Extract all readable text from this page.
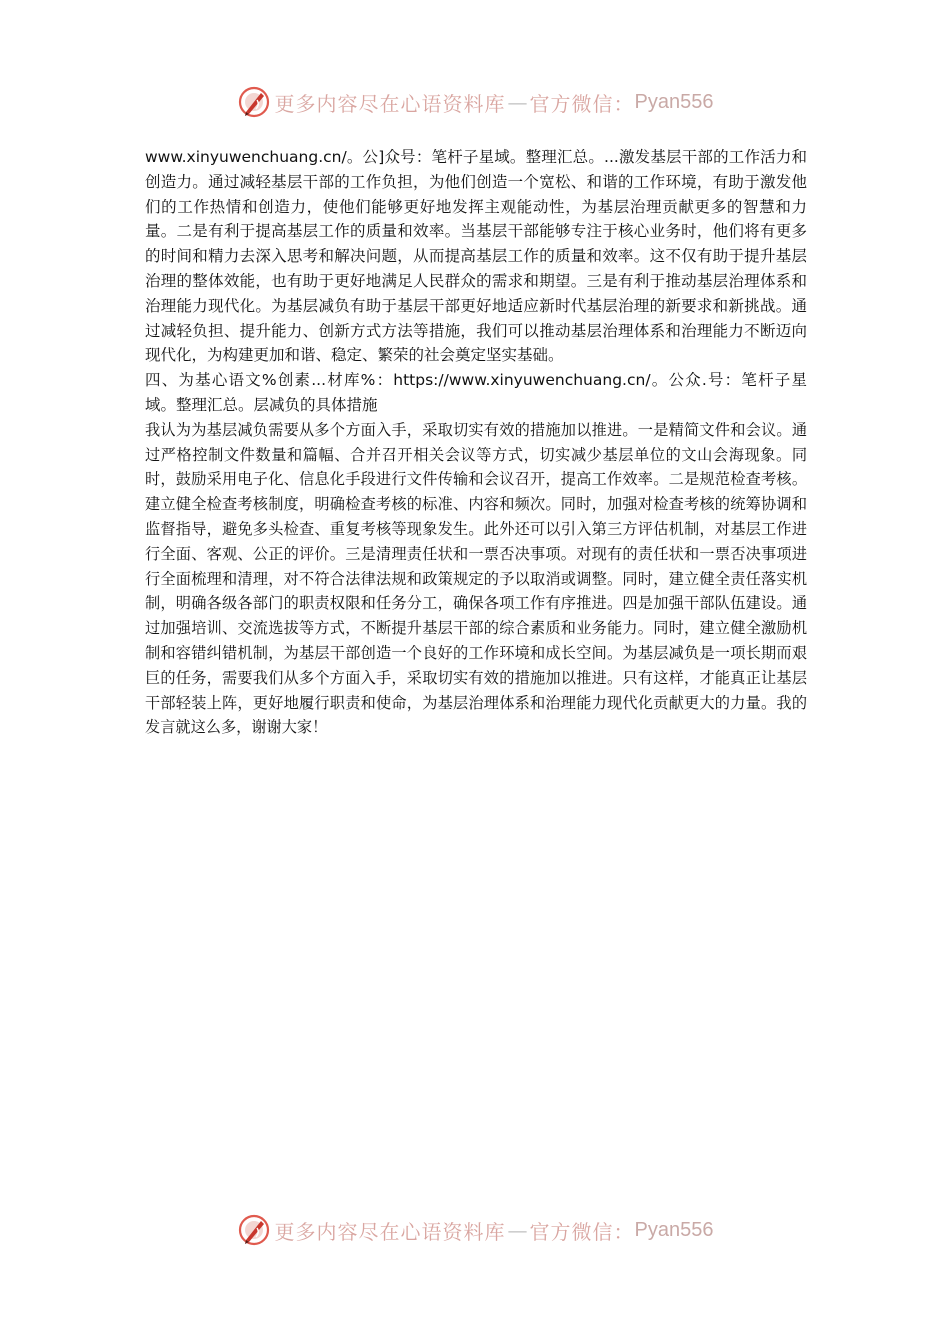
更多内容尽在心语资料库 — 官方微信： Pyan556

www.xinyuwenchuang.cn/。公]众号：笔杆子星域。整理汇总。...激发基层干部的工作活力和创造力。通过减轻基层干部的工作负担，为他们创造一个宽松、和谐的工作环境，有助于激发他们的工作热情和创造力，使他们能够更好地发挥主观能动性，为基层治理贡献更多的智慧和力量。二是有利于提高基层工作的质量和效率。当基层干部能够专注于核心业务时，他们将有更多的时间和精力去深入思考和解决问题，从而提高基层工作的质量和效率。这不仅有助于提升基层治理的整体效能，也有助于更好地满足人民群众的需求和期望。三是有利于推动基层治理体系和治理能力现代化。为基层减负有助于基层干部更好地适应新时代基层治理的新要求和新挑战。通过减轻负担、提升能力、创新方式方法等措施，我们可以推动基层治理体系和治理能力不断迈向现代化，为构建更加和谐、稳定、繁荣的社会奠定坚实基础。

四、为基心语文%创素...材库%：https://www.xinyuwenchuang.cn/。公众.号：笔杆子星域。整理汇总。层减负的具体措施

我认为为基层减负需要从多个方面入手，采取切实有效的措施加以推进。一是精简文件和会议。通过严格控制文件数量和篇幅、合并召开相关会议等方式，切实减少基层单位的文山会海现象。同时，鼓励采用电子化、信息化手段进行文件传输和会议召开，提高工作效率。二是规范检查考核。建立健全检查考核制度，明确检查考核的标准、内容和频次。同时，加强对检查考核的统筹协调和监督指导，避免多头检查、重复考核等现象发生。此外还可以引入第三方评估机制，对基层工作进行全面、客观、公正的评价。三是清理责任状和一票否决事项。对现有的责任状和一票否决事项进行全面梳理和清理，对不符合法律法规和政策规定的予以取消或调整。同时，建立健全责任落实机制，明确各级各部门的职责权限和任务分工，确保各项工作有序推进。四是加强干部队伍建设。通过加强培训、交流选拔等方式，不断提升基层干部的综合素质和业务能力。同时，建立健全激励机制和容错纠错机制，为基层干部创造一个良好的工作环境和成长空间。为基层减负是一项长期而艰巨的任务，需要我们从多个方面入手，采取切实有效的措施加以推进。只有这样，才能真正让基层干部轻装上阵，更好地履行职责和使命，为基层治理体系和治理能力现代化贡献更大的力量。我的发言就这么多，谢谢大家！

更多内容尽在心语资料库 — 官方微信： Pyan556
